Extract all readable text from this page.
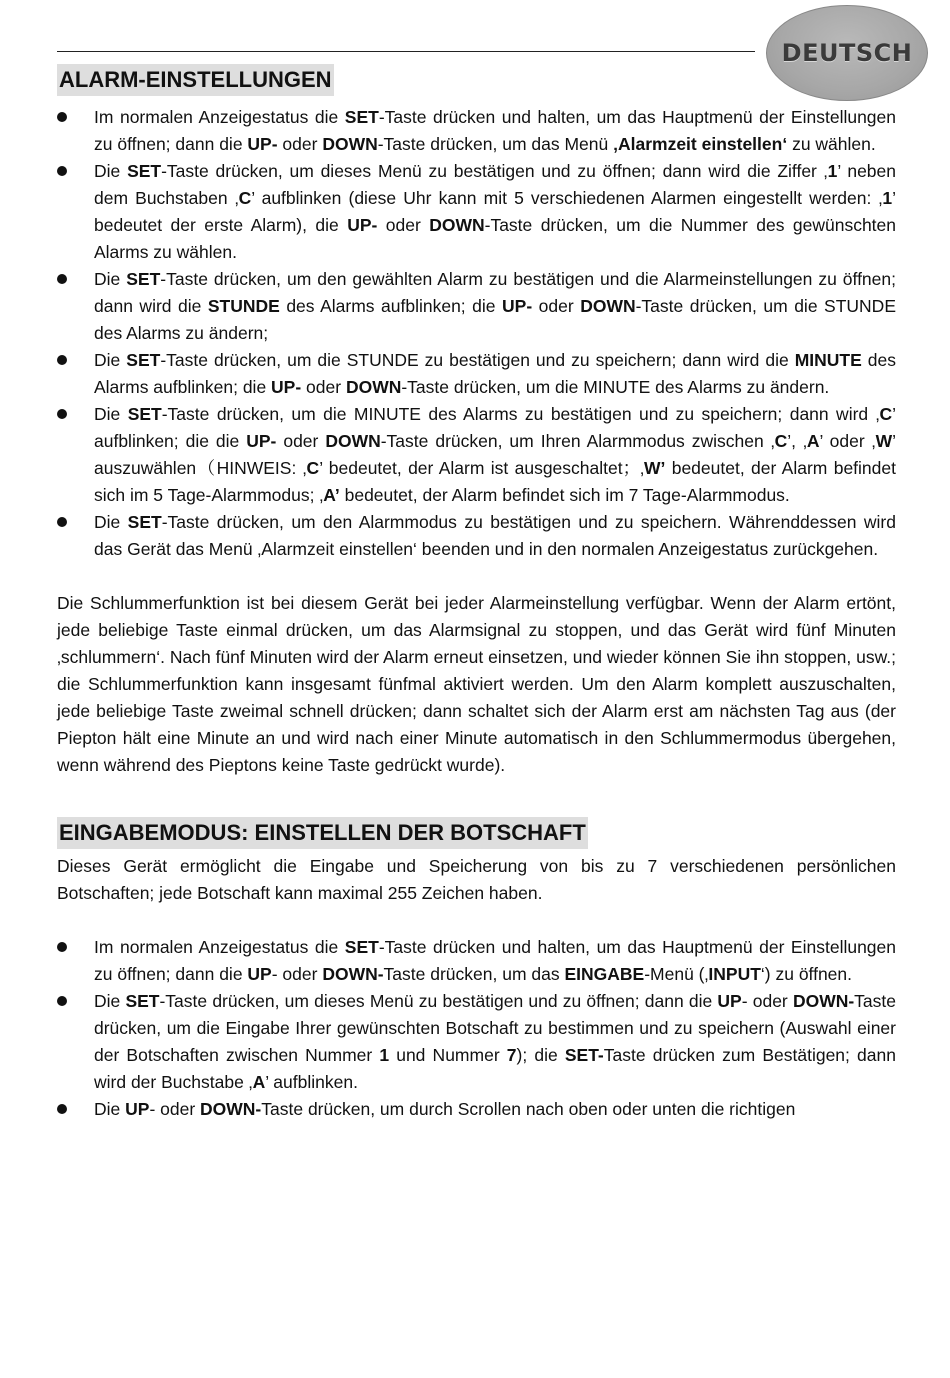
DEUTSCH
ALARM-EINSTELLUNGEN
Im normalen Anzeigestatus die SET-Taste drücken und halten, um das Hauptmenü der Einstellungen zu öffnen; dann die UP- oder DOWN-Taste drücken, um das Menü ‚Alarmzeit einstellen‘ zu wählen.
Die SET-Taste drücken, um dieses Menü zu bestätigen und zu öffnen; dann wird die Ziffer ‚1’ neben dem Buchstaben ‚C’ aufblinken (diese Uhr kann mit 5 verschiedenen Alarmen eingestellt werden: ‚1’ bedeutet der erste Alarm), die UP- oder DOWN-Taste drücken, um die Nummer des gewünschten Alarms zu wählen.
Die SET-Taste drücken, um den gewählten Alarm zu bestätigen und die Alarmeinstellungen zu öffnen; dann wird die STUNDE des Alarms aufblinken; die UP- oder DOWN-Taste drücken, um die STUNDE des Alarms zu ändern;
Die SET-Taste drücken, um die STUNDE zu bestätigen und zu speichern; dann wird die MINUTE des Alarms aufblinken; die UP- oder DOWN-Taste drücken, um die MINUTE des Alarms zu ändern.
Die SET-Taste drücken, um die MINUTE des Alarms zu bestätigen und zu speichern; dann wird ‚C’ aufblinken; die die UP- oder DOWN-Taste drücken, um Ihren Alarmmodus zwischen ‚C’, ‚A’ oder ‚W’ auszuwählen（HINWEIS: ‚C’ bedeutet, der Alarm ist ausgeschaltet；‚W’ bedeutet, der Alarm befindet sich im 5 Tage-Alarmmodus; ‚A’ bedeutet, der Alarm befindet sich im 7 Tage-Alarmmodus.
Die SET-Taste drücken, um den Alarmmodus zu bestätigen und zu speichern. Währenddessen wird das Gerät das Menü ‚Alarmzeit einstellen‘ beenden und in den normalen Anzeigestatus zurückgehen.

Die Schlummerfunktion ist bei diesem Gerät bei jeder Alarmeinstellung verfügbar. Wenn der Alarm ertönt, jede beliebige Taste einmal drücken, um das Alarmsignal zu stoppen, und das Gerät wird fünf Minuten ‚schlummern‘. Nach fünf Minuten wird der Alarm erneut einsetzen, und wieder können Sie ihn stoppen, usw.; die Schlummerfunktion kann insgesamt fünfmal aktiviert werden. Um den Alarm komplett auszuschalten, jede beliebige Taste zweimal schnell drücken; dann schaltet sich der Alarm erst am nächsten Tag aus (der Piepton hält eine Minute an und wird nach einer Minute automatisch in den Schlummermodus übergehen, wenn während des Pieptons keine Taste gedrückt wurde).

EINGABEMODUS: EINSTELLEN DER BOTSCHAFT

Dieses Gerät ermöglicht die Eingabe und Speicherung von bis zu 7 verschiedenen persönlichen Botschaften; jede Botschaft kann maximal 255 Zeichen haben.

Im normalen Anzeigestatus die SET-Taste drücken und halten, um das Hauptmenü der Einstellungen zu öffnen; dann die UP- oder DOWN-Taste drücken, um das EINGABE-Menü (‚INPUT‘) zu öffnen.
Die SET-Taste drücken, um dieses Menü zu bestätigen und zu öffnen; dann die UP- oder DOWN-Taste drücken, um die Eingabe Ihrer gewünschten Botschaft zu bestimmen und zu speichern (Auswahl einer der Botschaften zwischen Nummer 1 und Nummer 7); die SET-Taste drücken zum Bestätigen; dann wird der Buchstabe ‚A’ aufblinken.
Die UP- oder DOWN-Taste drücken, um durch Scrollen nach oben oder unten die richtigen
